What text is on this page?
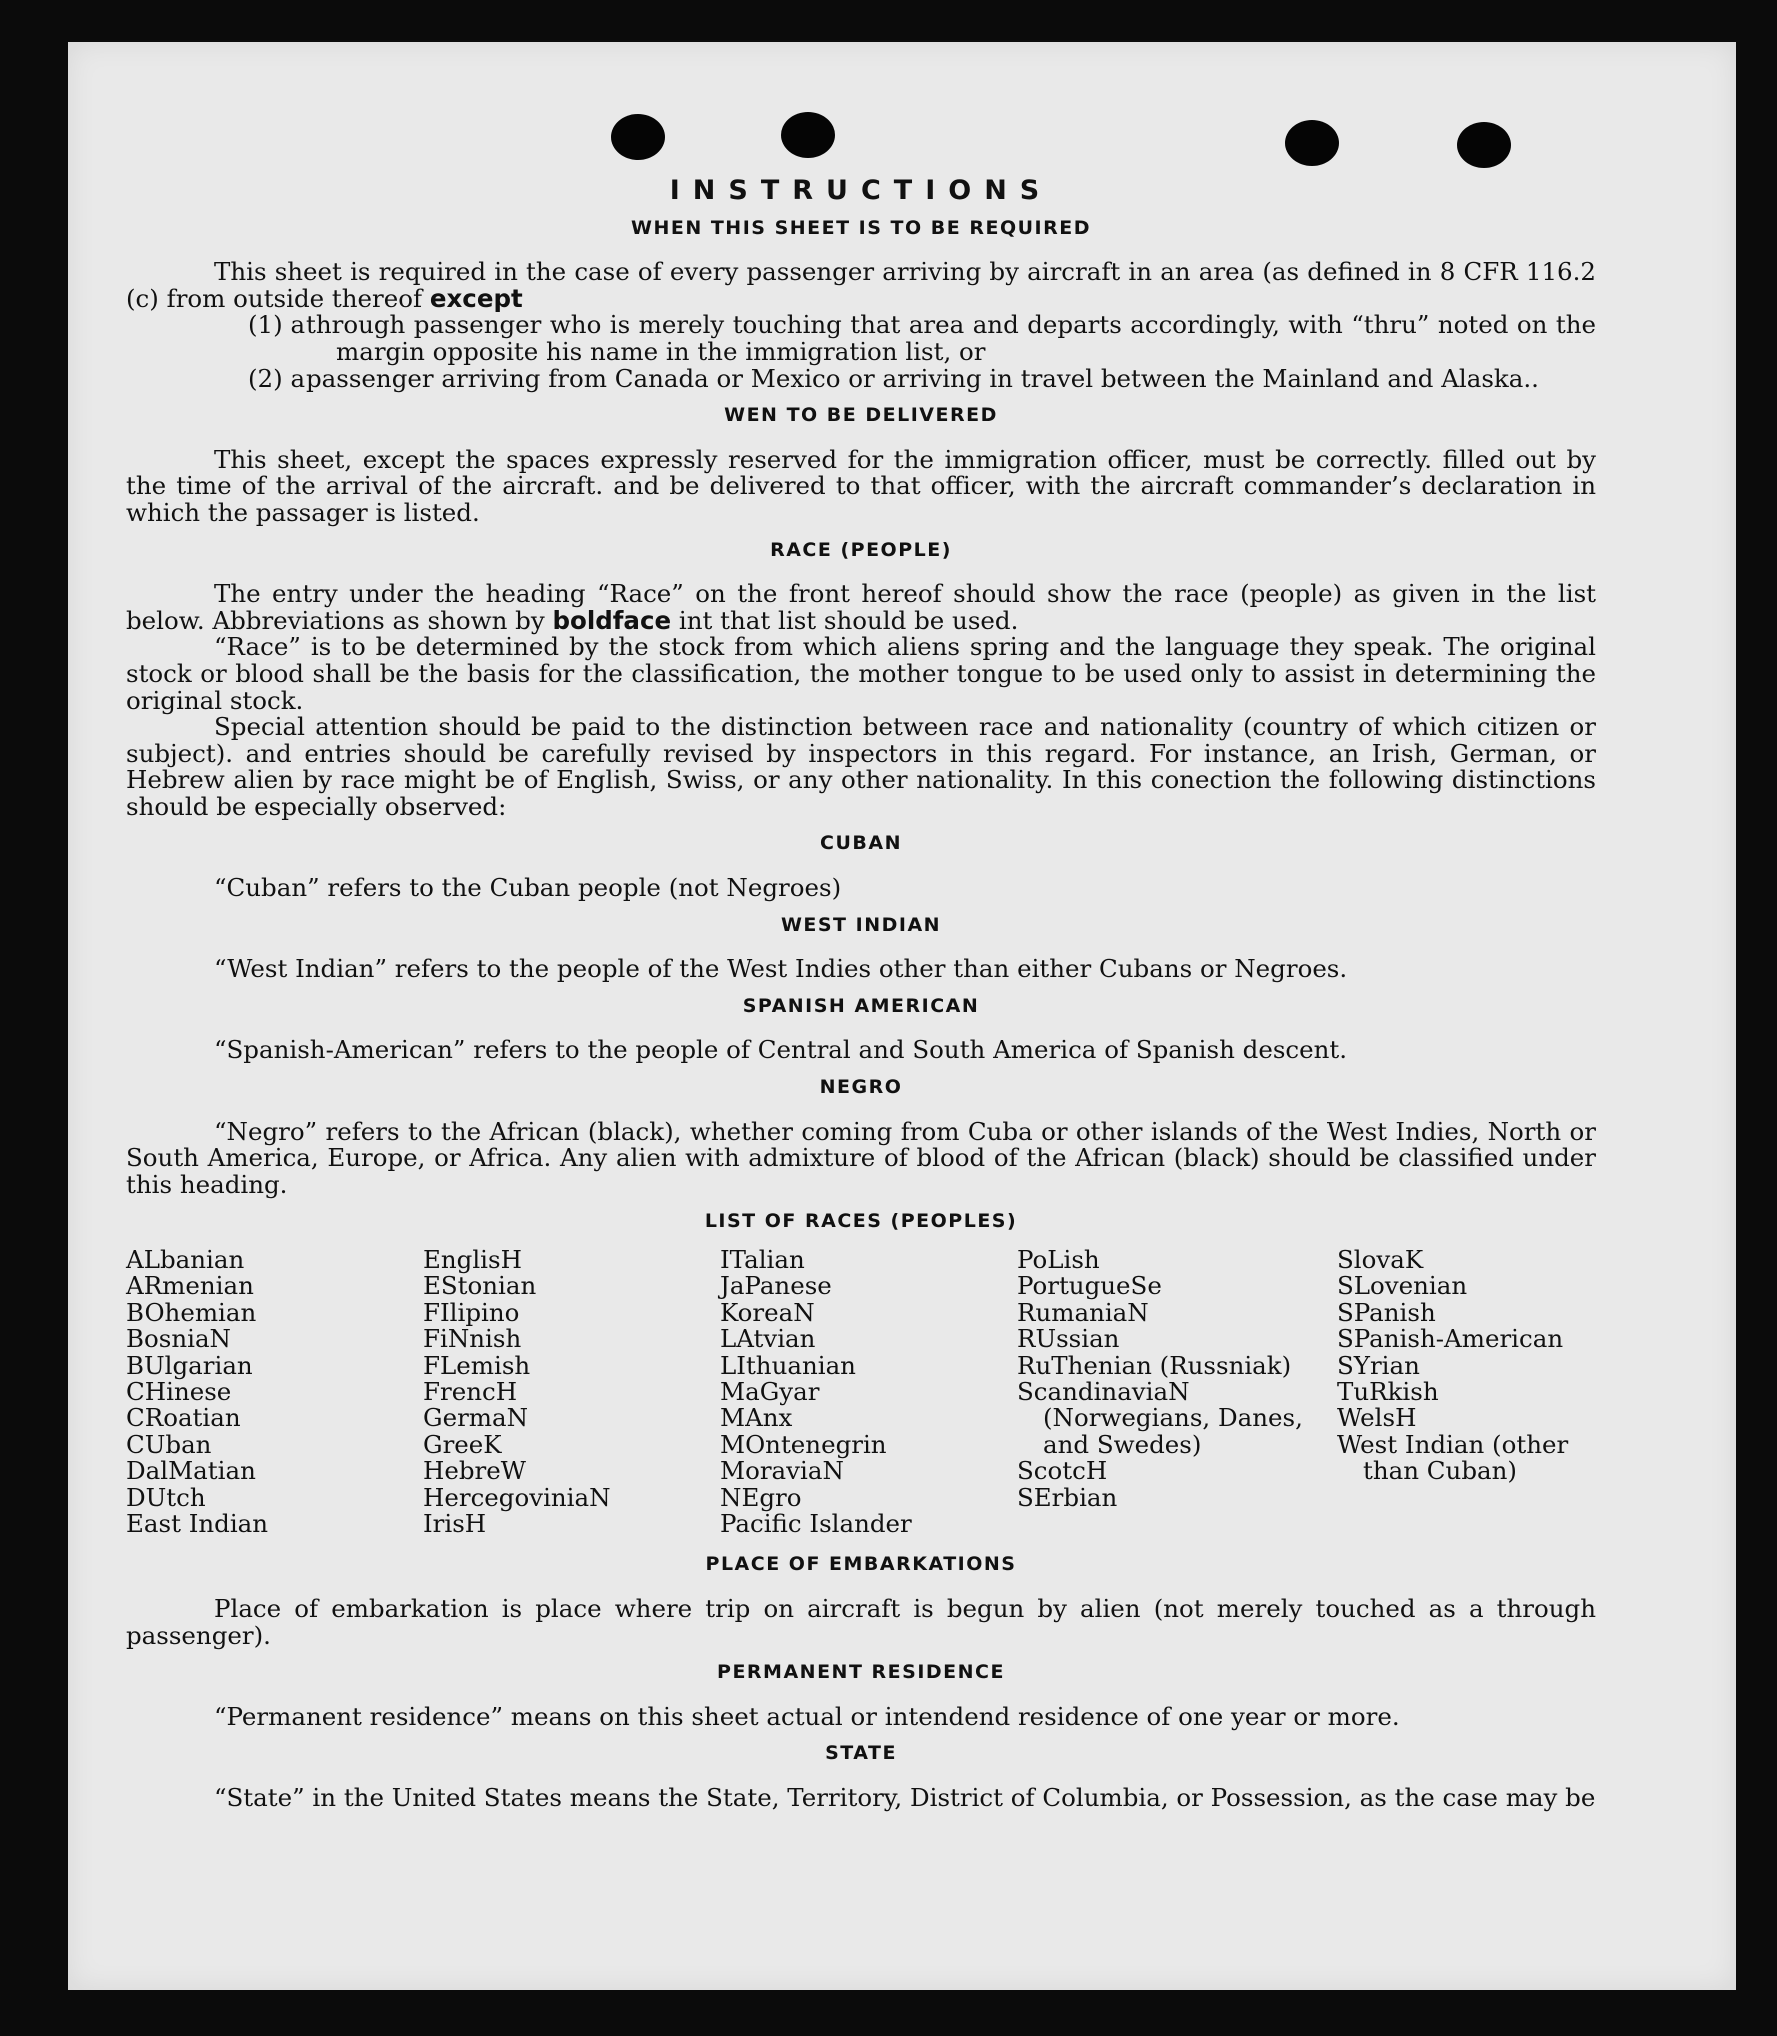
INSTRUCTIONS
WHEN THIS SHEET IS TO BE REQUIRED

This sheet is required in the case of every passenger arriving by aircraft in an area (as defined in 8 CFR 116.2 (c) from outside thereof except

(1) athrough passenger who is merely touching that area and departs accordingly, with “thru” noted on the margin opposite his name in the immigration list, or

(2) apassenger arriving from Canada or Mexico or arriving in travel between the Mainland and Alaska..

WEN TO BE DELIVERED

This sheet, except the spaces expressly reserved for the immigration officer, must be correctly. filled out by the time of the arrival of the aircraft. and be delivered to that officer, with the aircraft commander’s declaration in which the passager is listed.

RACE (PEOPLE)

The entry under the heading “Race” on the front hereof should show the race (people) as given in the list below. Abbreviations as shown by boldface int that list should be used.

“Race” is to be determined by the stock from which aliens spring and the language they speak. The original stock or blood shall be the basis for the classification, the mother tongue to be used only to assist in determining the original stock.

Special attention should be paid to the distinction between race and nationality (country of which citizen or subject). and entries should be carefully revised by inspectors in this regard. For instance, an Irish, German, or Hebrew alien by race might be of English, Swiss, or any other nationality. In this conection the following distinctions should be especially observed:

CUBAN

“Cuban” refers to the Cuban people (not Negroes)

WEST INDIAN

“West Indian” refers to the people of the West Indies other than either Cubans or Negroes.

SPANISH AMERICAN

“Spanish-American” refers to the people of Central and South America of Spanish descent.

NEGRO

“Negro” refers to the African (black), whether coming from Cuba or other islands of the West Indies, North or South America, Europe, or Africa. Any alien with admixture of blood of the African (black) should be classified under this heading.

LIST OF RACES (PEOPLES)
ALbanian
ARmenian
BOhemian
BosniaN
BUlgarian
CHinese
CRoatian
CUban
DalMatian
DUtch
East Indian
EnglisH
EStonian
FIlipino
FiNnish
FLemish
FrencH
GermaN
GreeK
HebreW
HercegoviniaN
IrisH
ITalian
JaPanese
KoreaN
LAtvian
LIthuanian
MaGyar
MAnx
MOntenegrin
MoraviaN
NEgro
Pacific Islander
PoLish
PortugueSe
RumaniaN
RUssian
RuThenian (Russniak)
ScandinaviaN (Norwegians, Danes, and Swedes)
ScotcH
SErbian
SlovaK
SLovenian
SPanish
SPanish-American
SYrian
TuRkish
WelsH
West Indian (other than Cuban)
PLACE OF EMBARKATIONS

Place of embarkation is place where trip on aircraft is begun by alien (not merely touched as a through passenger).

PERMANENT RESIDENCE

“Permanent residence” means on this sheet actual or intendend residence of one year or more.

STATE

“State” in the United States means the State, Territory, District of Columbia, or Possession, as the case may be
